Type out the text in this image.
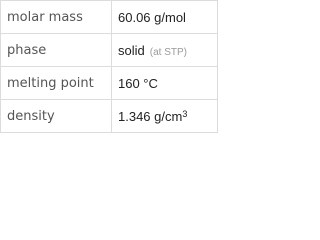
molar mass	60.06 g/mol
phase	solid (at STP)
melting point	160 °C
density	1.346 $g/cm^3$
